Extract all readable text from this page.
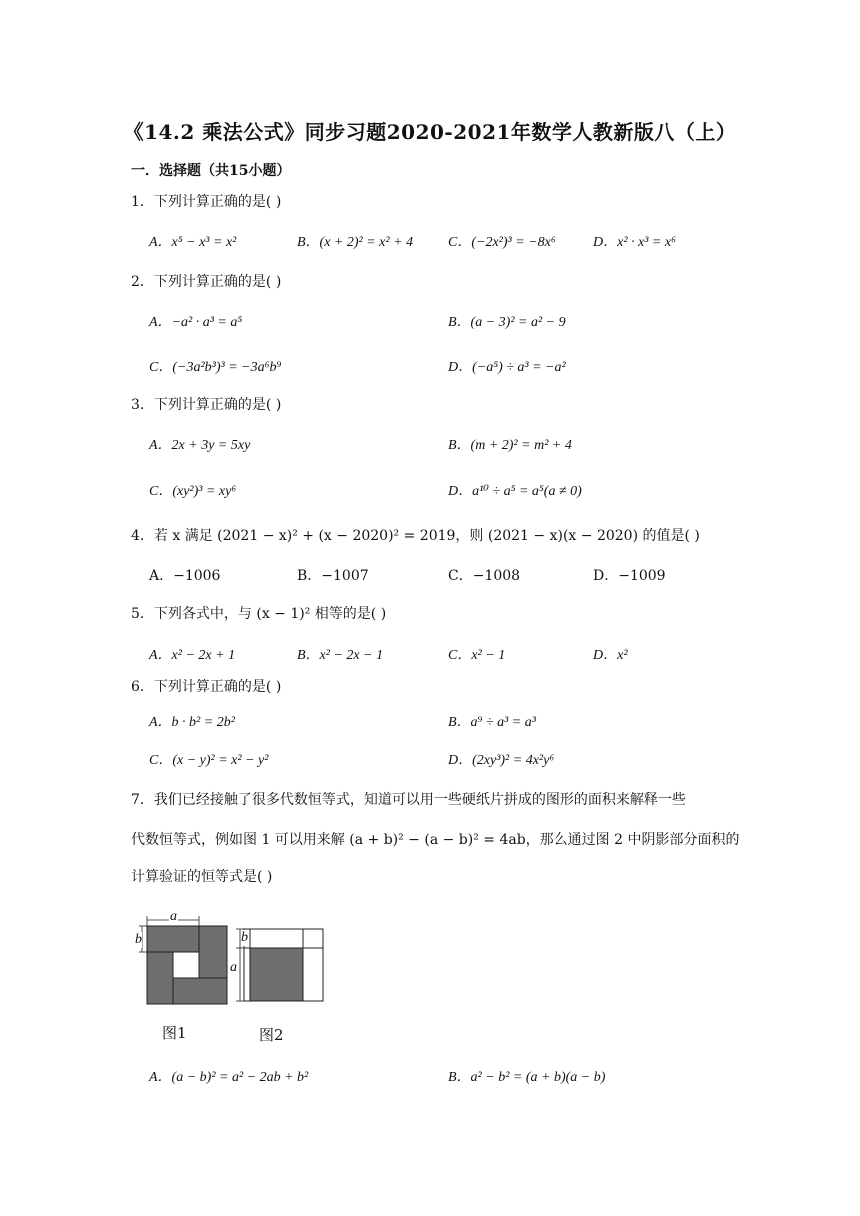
《14.2 乘法公式》同步习题2020-2021年数学人教新版八（上）
一．选择题（共15小题）
1．下列计算正确的是( )
A．x⁵ − x³ = x²	B．(x + 2)² = x² + 4 C．(−2x²)³ = −8x⁶	D．x² · x³ = x⁶
2．下列计算正确的是( )
A．−a² · a³ = a⁵	B．(a − 3)² = a² − 9
C．(−3a²b³)³ = −3a⁶b⁹	D．(−a⁵) ÷ a³ = −a²
3．下列计算正确的是( )
A．2x + 3y = 5xy	B．(m + 2)² = m² + 4
C．(xy²)³ = xy⁶	D．a¹⁰ ÷ a⁵ = a⁵(a ≠ 0)
4．若 x 满足 (2021 − x)² + (x − 2020)² = 2019，则 (2021 − x)(x − 2020) 的值是( )
A．−1006	B．−1007	C．−1008	D．−1009
5．下列各式中，与 (x − 1)² 相等的是( )
A．x² − 2x + 1	B．x² − 2x − 1	C．x² − 1	D．x²
6．下列计算正确的是( )
A．b · b² = 2b²	B．a⁹ ÷ a³ = a³
C．(x − y)² = x² − y²	D．(2xy³)² = 4x²y⁶
7．我们已经接触了很多代数恒等式，知道可以用一些硬纸片拼成的图形的面积来解释一些
代数恒等式，例如图 1 可以用来解 (a + b)² − (a − b)² = 4ab，那么通过图 2 中阴影部分面积的
计算验证的恒等式是( )
a
b
图1
b
a
图2
A．(a − b)² = a² − 2ab + b²	B．a² − b² = (a + b)(a − b)
